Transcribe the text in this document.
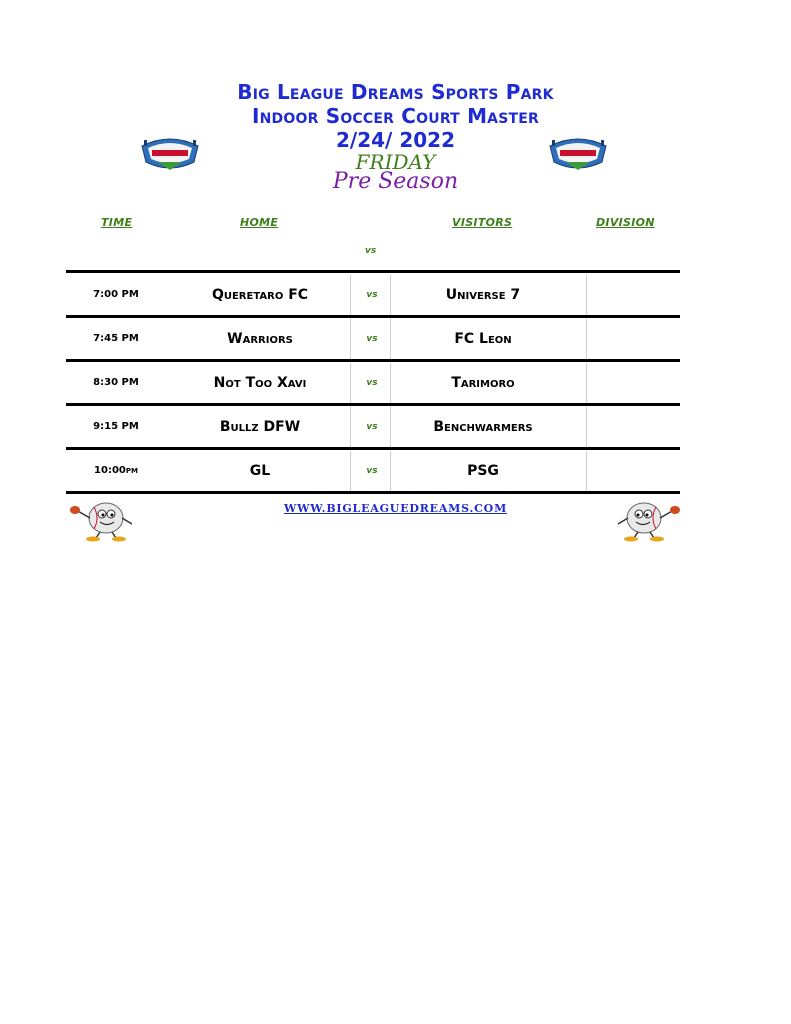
Big League Dreams Sports Park
Indoor Soccer Court Master
2/24/ 2022
FRIDAY
Pre Season
TIME	HOME	VISITORS	DIVISION
vs
7:00 PM	Queretaro FC	vs	Universe 7
7:45 PM	Warriors	vs	FC Leon
8:30 PM	Not Too Xavi	vs	Tarimoro
9:15 PM	Bullz DFW	vs	Benchwarmers
10:00pm	GL	vs	PSG
WWW.BIGLEAGUEDREAMS.COM
